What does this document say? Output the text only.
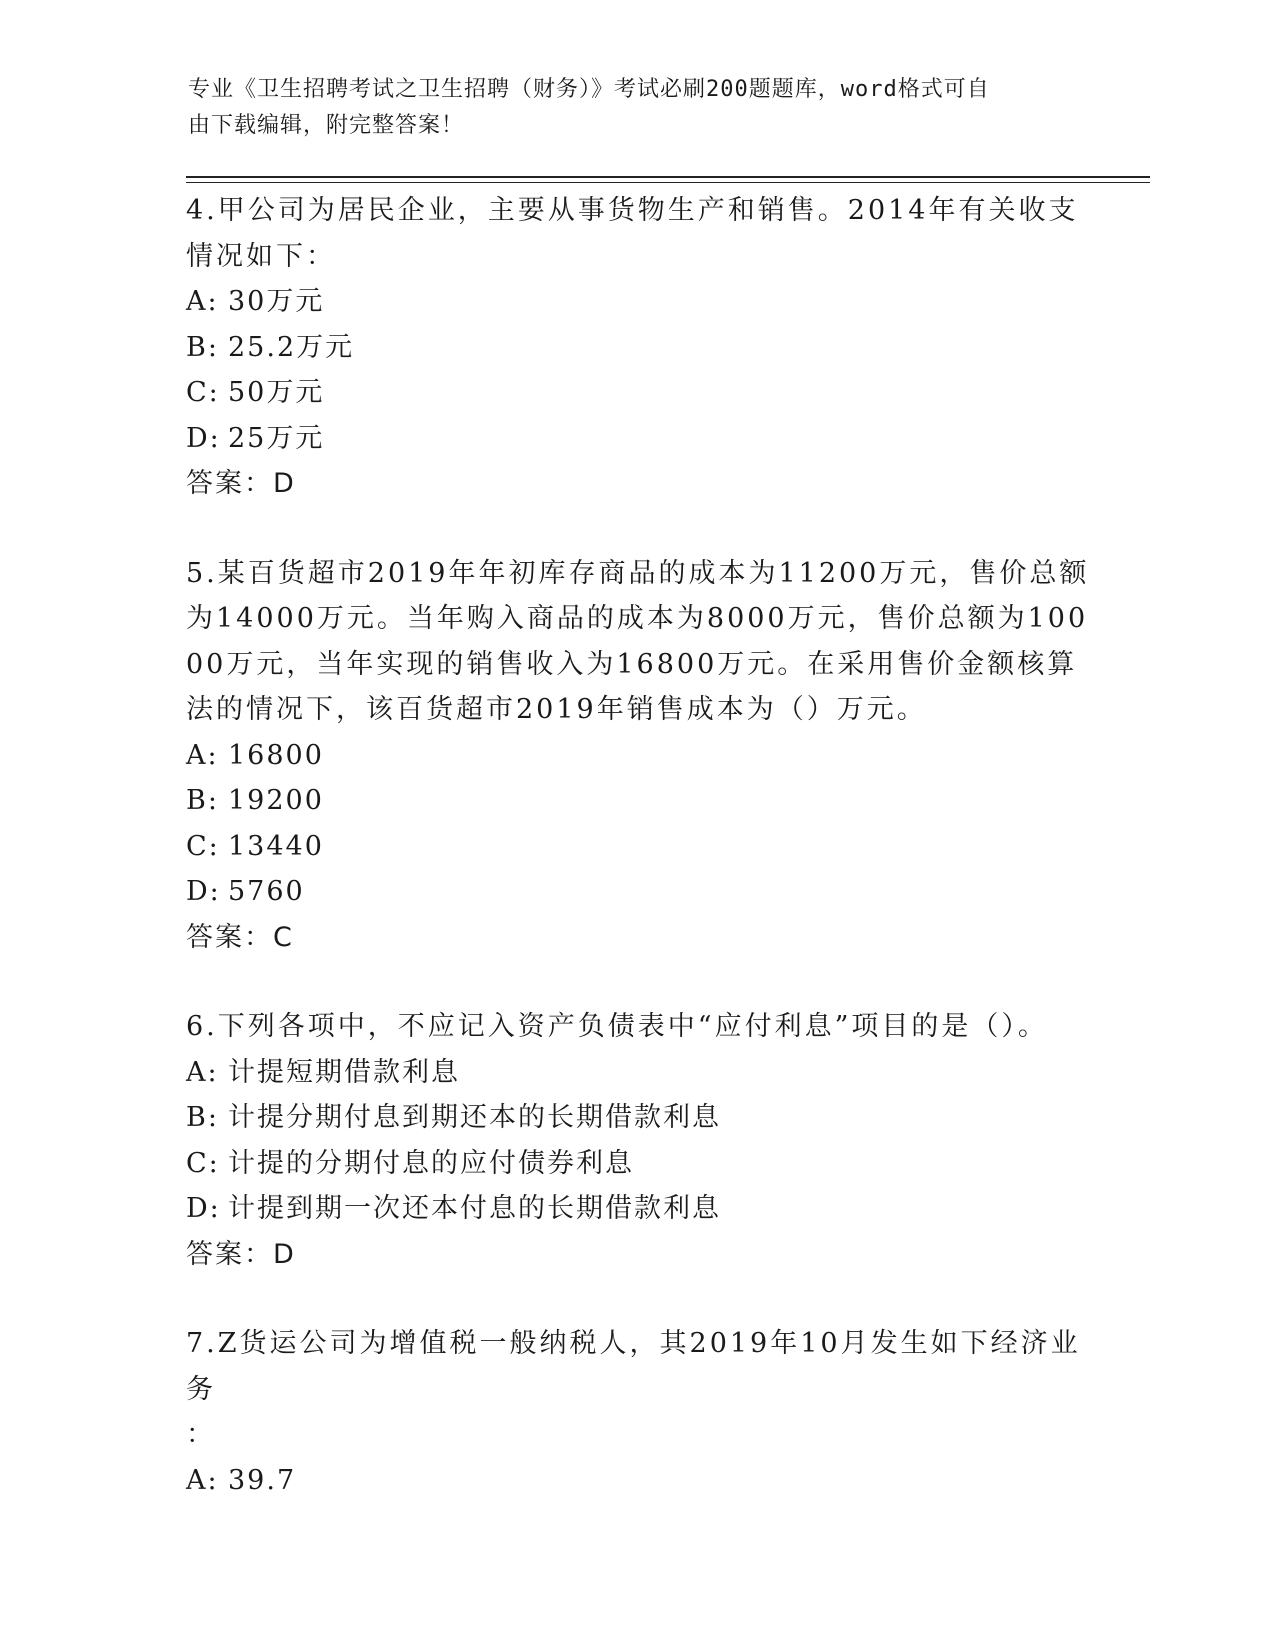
专业《卫生招聘考试之卫生招聘（财务）》考试必刷200题题库，word格式可自
由下载编辑，附完整答案！

4.甲公司为居民企业，主要从事货物生产和销售。2014年有关收支情况如下：

A: 30万元

B: 25.2万元

C: 50万元

D: 25万元

答案：D

5.某百货超市2019年年初库存商品的成本为11200万元，售价总额为14000万元。当年购入商品的成本为8000万元，售价总额为10000万元，当年实现的销售收入为16800万元。在采用售价金额核算法的情况下，该百货超市2019年销售成本为（）万元。

A: 16800

B: 19200

C: 13440

D: 5760

答案：C

6.下列各项中，不应记入资产负债表中“应付利息”项目的是（）。

A: 计提短期借款利息

B: 计提分期付息到期还本的长期借款利息

C: 计提的分期付息的应付债券利息

D: 计提到期一次还本付息的长期借款利息

答案：D

7.Z货运公司为增值税一般纳税人，其2019年10月发生如下经济业务
：

A: 39.7
